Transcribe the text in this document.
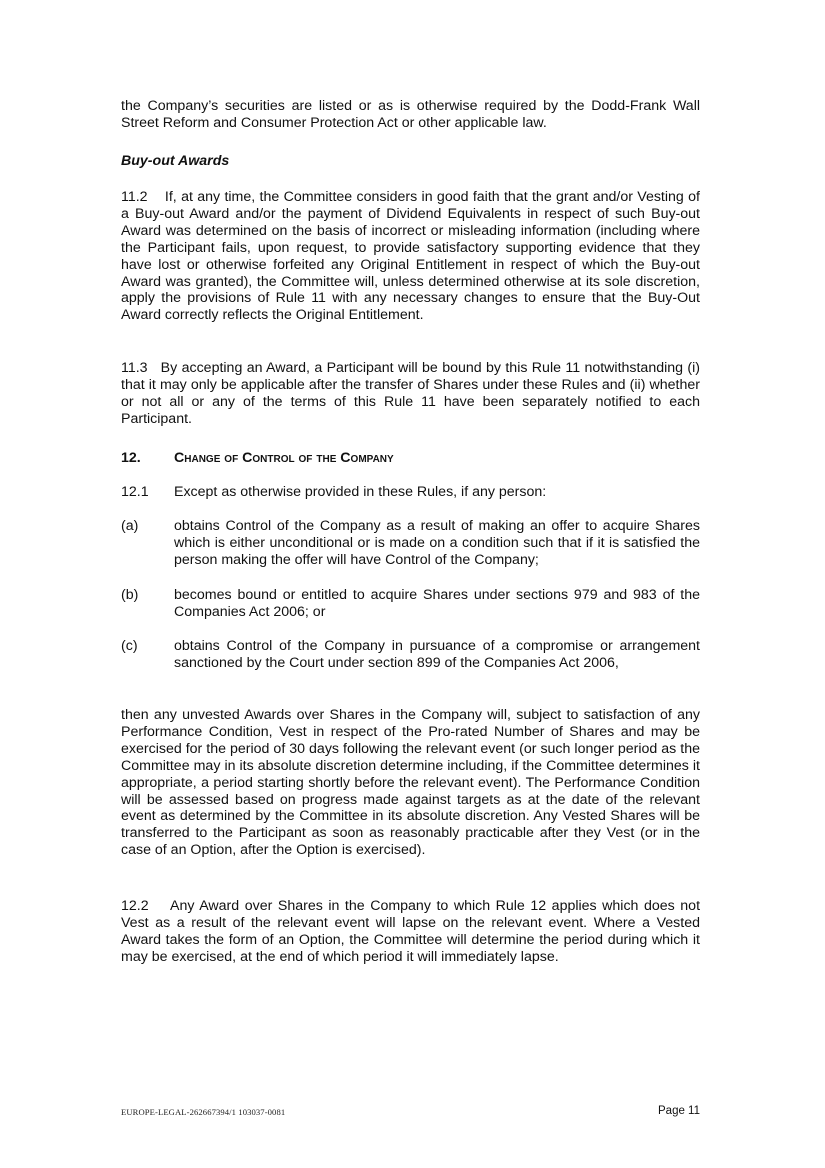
the Company’s securities are listed or as is otherwise required by the Dodd-Frank Wall Street Reform and Consumer Protection Act or other applicable law.

Buy-out Awards

11.2 If, at any time, the Committee considers in good faith that the grant and/or Vesting of a Buy-out Award and/or the payment of Dividend Equivalents in respect of such Buy-out Award was determined on the basis of incorrect or misleading information (including where the Participant fails, upon request, to provide satisfactory supporting evidence that they have lost or otherwise forfeited any Original Entitlement in respect of which the Buy-out Award was granted), the Committee will, unless determined otherwise at its sole discretion, apply the provisions of Rule 11 with any necessary changes to ensure that the Buy-Out Award correctly reflects the Original Entitlement.

11.3 By accepting an Award, a Participant will be bound by this Rule 11 notwithstanding (i) that it may only be applicable after the transfer of Shares under these Rules and (ii) whether or not all or any of the terms of this Rule 11 have been separately notified to each Participant.

12. Change of Control of the Company
12.1 Except as otherwise provided in these Rules, if any person:
(a)	obtains Control of the Company as a result of making an offer to acquire Shares which is either unconditional or is made on a condition such that if it is satisfied the person making the offer will have Control of the Company;
(b)	becomes bound or entitled to acquire Shares under sections 979 and 983 of the Companies Act 2006; or
(c)	obtains Control of the Company in pursuance of a compromise or arrangement sanctioned by the Court under section 899 of the Companies Act 2006,

then any unvested Awards over Shares in the Company will, subject to satisfaction of any Performance Condition, Vest in respect of the Pro-rated Number of Shares and may be exercised for the period of 30 days following the relevant event (or such longer period as the Committee may in its absolute discretion determine including, if the Committee determines it appropriate, a period starting shortly before the relevant event). The Performance Condition will be assessed based on progress made against targets as at the date of the relevant event as determined by the Committee in its absolute discretion. Any Vested Shares will be transferred to the Participant as soon as reasonably practicable after they Vest (or in the case of an Option, after the Option is exercised).

12.2 Any Award over Shares in the Company to which Rule 12 applies which does not Vest as a result of the relevant event will lapse on the relevant event. Where a Vested Award takes the form of an Option, the Committee will determine the period during which it may be exercised, at the end of which period it will immediately lapse.

EUROPE-LEGAL-262667394/1 103037-0081	Page 11
